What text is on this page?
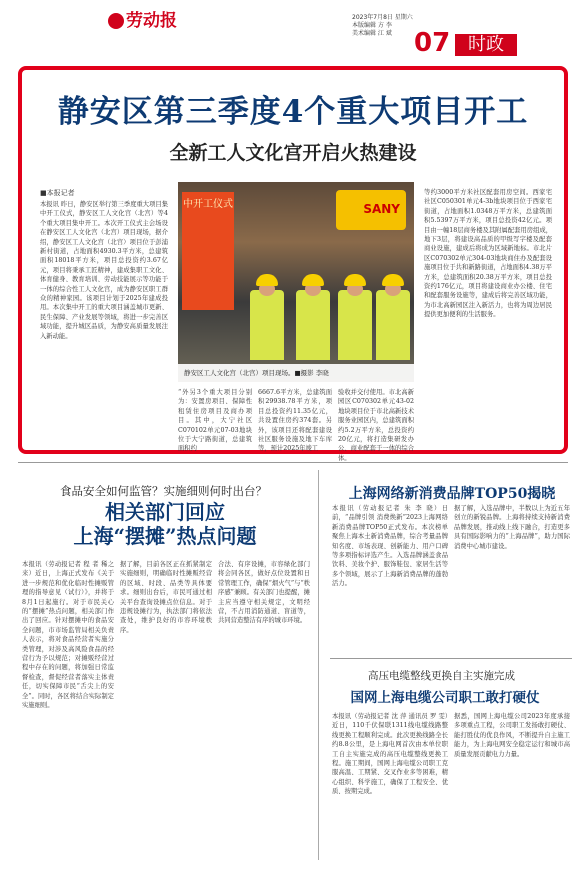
劳动报	2023年7月8日 星期六
本版编辑 方 李
美术编辑 江 斌 07 时政
静安区第三季度4个重大项目开工
全新工人文化宫开启火热建设
■本报记者
本报讯 昨日，静安区举行第三季度重大项目集中开工仪式，静安区工人文化宫（北宫）等4个重大项目集中开工。本次开工仪式主会场设在静安区工人文化宫（北宫）项目现场，据介绍，静安区工人文化宫（北宫）项目位于彭浦新村街道，占地面积4930.3平方米，总建筑面积18018平方米，项目总投资约3.67亿元，项目将秉承工匠精神，建成集职工文化、体育健身、教育培训、劳动技能展示等功能于一体的综合性工人文化宫，成为静安区职工群众的精神家园。该项目计划于2025年建成投用。本次集中开工的重大项目涵盖城市更新、民生保障、产业发展等领域，将进一步完善区域功能，提升城区品质，为静安高质量发展注入新动能。
中开工仪式	SANY
静安区工人文化宫（北宫）项目现场。■摄影 李晓
“外另3个重大项目分别为：安置房项目、保障性租赁住房项目及商办项目。其中，大宁社区C070102单元07-03地块位于大宁路街道，总建筑面积约
6667.6平方米，总建筑面积29938.78平方米，项目总投资约11.35亿元，共设置住房约374套。另外，该项目还将配套建设社区服务设施及地下车库等，预计2025年竣工
验收并交付使用。市北高新园区C070302单元43-02地块项目位于市北高新技术服务业园区内，总建筑面积约5.2万平方米，总投资约20亿元，将打造集研发办公、商业配套于一体的综合体。
等约3000平方米社区配套用房空间。西家宅社区C050301单元4-3b地块项目位于西家宅街道，占地面积1.0348万平方米，总建筑面积5.5397万平方米，项目总投资42亿元。项目由一幢18层商务楼及其附属配套用房组成，地下3层，将建设高品质的甲级写字楼及配套商业设施，建成后将成为区域新地标。市北片区C070302单元304-03地块商住办及配套设施项目位于共和新路街道，占地面积4.38万平方米，总建筑面积20.38万平方米，项目总投资约176亿元，项目将建设商业办公楼、住宅和配套服务设施等，建成后将完善区域功能，为市北高新园区注入新活力，也将为周边居民提供更加便利的生活服务。
食品安全如何监管？实施细则何时出台？
相关部门回应
上海“摆摊”热点问题
本报讯（劳动报记者 程 者 稀之来）近日，上海正式发布《关于进一步规范和优化临时性摊贩管理的指导意见（试行）》，并将于8月1日起施行。对于市民关心的“摆摊”热点问题，相关部门作出了回应。针对摆摊中的食品安全问题，市市场监管局相关负责人表示，将对食品经营者实施分类管理，对涉及高风险食品的经营行为予以规范；对摊贩经营过程中存在的问题，将加强日常监督检查，督促经营者落实主体责任，切实保障市民“舌尖上的安全”。同时，各区将结合实际制定实施细则。
据了解，目前各区正在抓紧制定实施细则，明确临时性摊贩经营的区域、时段、品类等具体要求。细则出台后，市民可通过相关平台查询设摊点位信息。对于违规设摊行为，执法部门将依法查处，维护良好的市容环境秩序。
合法、有序设摊，市容绿化部门将会同各区，做好点位设置和日常管理工作，确保“烟火气”与“秩序感”兼顾。有关部门也提醒，摊主应当遵守相关规定，文明经营，不占用消防通道、盲道等，共同营造整洁有序的城市环境。
上海网络新消费品牌TOP50揭晓
本报讯（劳动报记者 朱 李 晓）日前，“品牌引领 消费焕新”2023上海网络新消费品牌TOP50正式发布。本次榜单聚焦上海本土新消费品牌，综合考量品牌知名度、市场表现、创新能力、用户口碑等多项指标评选产生。入选品牌涵盖食品饮料、美妆个护、服饰鞋包、家居生活等多个领域，展示了上海新消费品牌的蓬勃活力。
据了解，入选品牌中，半数以上为近五年创立的新锐品牌。上海将持续支持新消费品牌发展，推动线上线下融合，打造更多具有国际影响力的“上海品牌”，助力国际消费中心城市建设。
高压电缆整线更换自主实施完成
国网上海电缆公司职工敢打硬仗
本报讯（劳动报记者 沈 萍 通讯员 罗 雯）近日，110千伏保联1311线电缆线路整线更换工程顺利完成。此次更换线路全长约8.8公里，是上海电网首次由本单位职工自主实施完成的高压电缆整线更换工程。施工期间，国网上海电缆公司职工克服高温、工期紧、交叉作业多等困难，精心组织、科学施工，确保了工程安全、优质、按期完成。
据悉，国网上海电缆公司2023年度承接多项重点工程，公司职工发扬敢打硬仗、能打胜仗的优良作风，不断提升自主施工能力，为上海电网安全稳定运行和城市高质量发展贡献电力力量。
